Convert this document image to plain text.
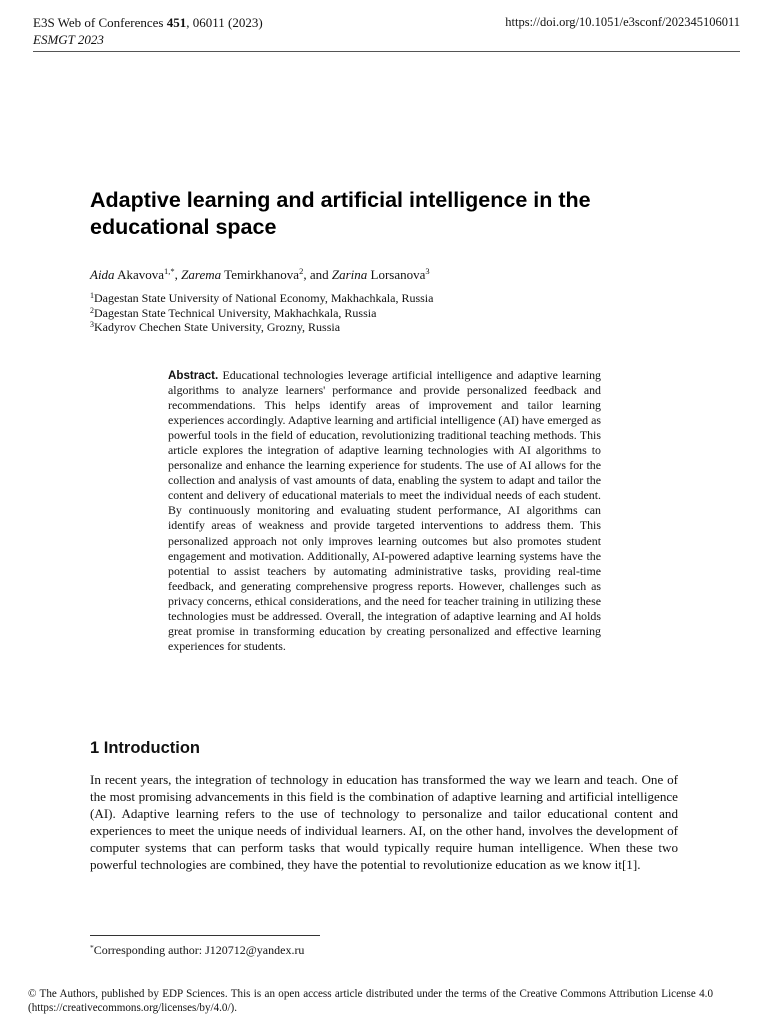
E3S Web of Conferences 451, 06011 (2023)
ESMGT 2023
https://doi.org/10.1051/e3sconf/202345106011
Adaptive learning and artificial intelligence in the educational space
Aida Akavova$^{1,*}$, Zarema Temirkhanova$^2$, and Zarina Lorsanova$^3$
$^1$Dagestan State University of National Economy, Makhachkala, Russia
$^2$Dagestan State Technical University, Makhachkala, Russia
$^3$Kadyrov Chechen State University, Grozny, Russia

Abstract. Educational technologies leverage artificial intelligence and adaptive learning algorithms to analyze learners' performance and provide personalized feedback and recommendations. This helps identify areas of improvement and tailor learning experiences accordingly. Adaptive learning and artificial intelligence (AI) have emerged as powerful tools in the field of education, revolutionizing traditional teaching methods. This article explores the integration of adaptive learning technologies with AI algorithms to personalize and enhance the learning experience for students. The use of AI allows for the collection and analysis of vast amounts of data, enabling the system to adapt and tailor the content and delivery of educational materials to meet the individual needs of each student. By continuously monitoring and evaluating student performance, AI algorithms can identify areas of weakness and provide targeted interventions to address them. This personalized approach not only improves learning outcomes but also promotes student engagement and motivation. Additionally, AI-powered adaptive learning systems have the potential to assist teachers by automating administrative tasks, providing real-time feedback, and generating comprehensive progress reports. However, challenges such as privacy concerns, ethical considerations, and the need for teacher training in utilizing these technologies must be addressed. Overall, the integration of adaptive learning and AI holds great promise in transforming education by creating personalized and effective learning experiences for students.

1 Introduction

In recent years, the integration of technology in education has transformed the way we learn and teach. One of the most promising advancements in this field is the combination of adaptive learning and artificial intelligence (AI). Adaptive learning refers to the use of technology to personalize and tailor educational content and experiences to meet the unique needs of individual learners. AI, on the other hand, involves the development of computer systems that can perform tasks that would typically require human intelligence. When these two powerful technologies are combined, they have the potential to revolutionize education as we know it[1].

*Corresponding author: J120712@yandex.ru

© The Authors, published by EDP Sciences. This is an open access article distributed under the terms of the Creative Commons Attribution License 4.0 (https://creativecommons.org/licenses/by/4.0/).
